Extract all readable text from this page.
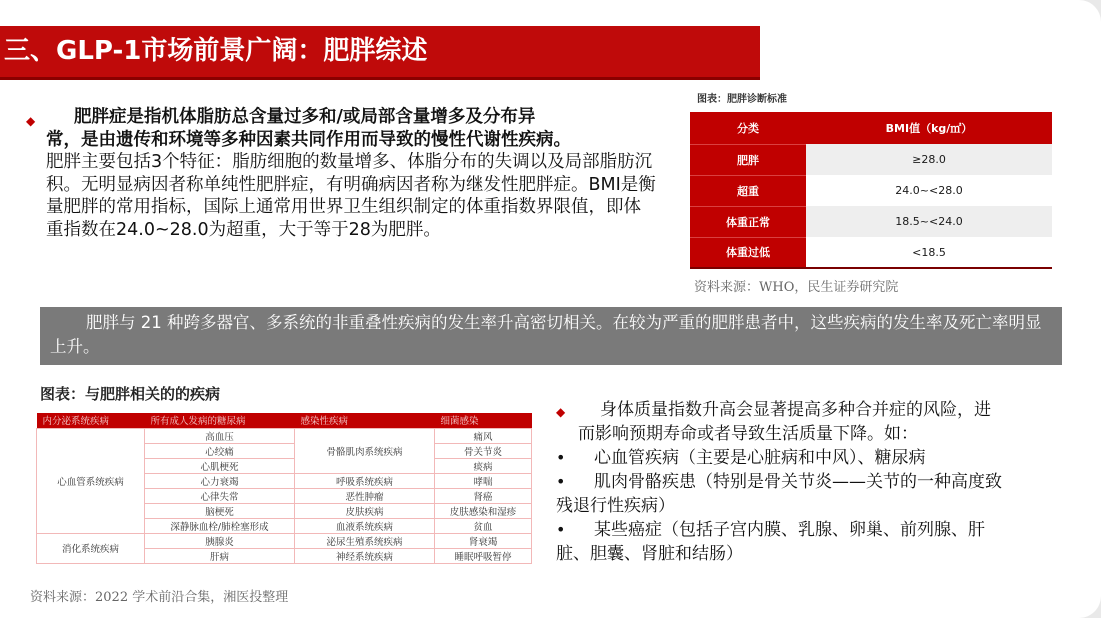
三、GLP-1市场前景广阔：肥胖综述
◆	肥胖症是指机体脂肪总含量过多和/或局部含量增多及分布异

常，是由遗传和环境等多种因素共同作用而导致的慢性代谢性疾病。

肥胖主要包括3个特征：脂肪细胞的数量增多、体脂分布的失调以及局部脂肪沉积。无明显病因者称单纯性肥胖症，有明确病因者称为继发性肥胖症。BMI是衡量肥胖的常用指标，国际上通常用世界卫生组织制定的体重指数界限值，即体重指数在24.0~28.0为超重，大于等于28为肥胖。

图表：肥胖诊断标准
分类	BMI值（kg/㎡）
肥胖	≥28.0
超重	24.0~<28.0
体重正常	18.5~<24.0
体重过低	<18.5
资料来源：WHO，民生证券研究院
肥胖与 21 种跨多器官、多系统的非重叠性疾病的发生率升高密切相关。在较为严重的肥胖患者中，这些疾病的发生率及死亡率明显上升。
图表：与肥胖相关的的疾病
内分泌系统疾病	所有成人发病的糖尿病	感染性疾病	细菌感染
心血管系统疾病	高血压	骨骼肌肉系统疾病	痛风
	心绞痛		骨关节炎
	心肌梗死		痰病
	心力衰竭	呼吸系统疾病	哮喘
	心律失常	恶性肿瘤	肾癌
	脑梗死	皮肤疾病	皮肤感染和湿疹
	深静脉血栓/肺栓塞形成	血液系统疾病	贫血
消化系统疾病	胰腺炎	泌尿生殖系统疾病	肾衰竭
	肝病	神经系统疾病	睡眠呼吸暂停
资料来源：2022 学术前沿合集，湘医投整理
◆ 身体质量指数升高会显著提高多种合并症的风险，进
而影响预期寿命或者导致生活质量下降。如：
•	心血管疾病（主要是心脏病和中风）、糖尿病
•	肌肉骨骼疾患（特别是骨关节炎——关节的一种高度致
残退行性疾病）
•	某些癌症（包括子宫内膜、乳腺、卵巢、前列腺、肝
脏、胆囊、肾脏和结肠）
